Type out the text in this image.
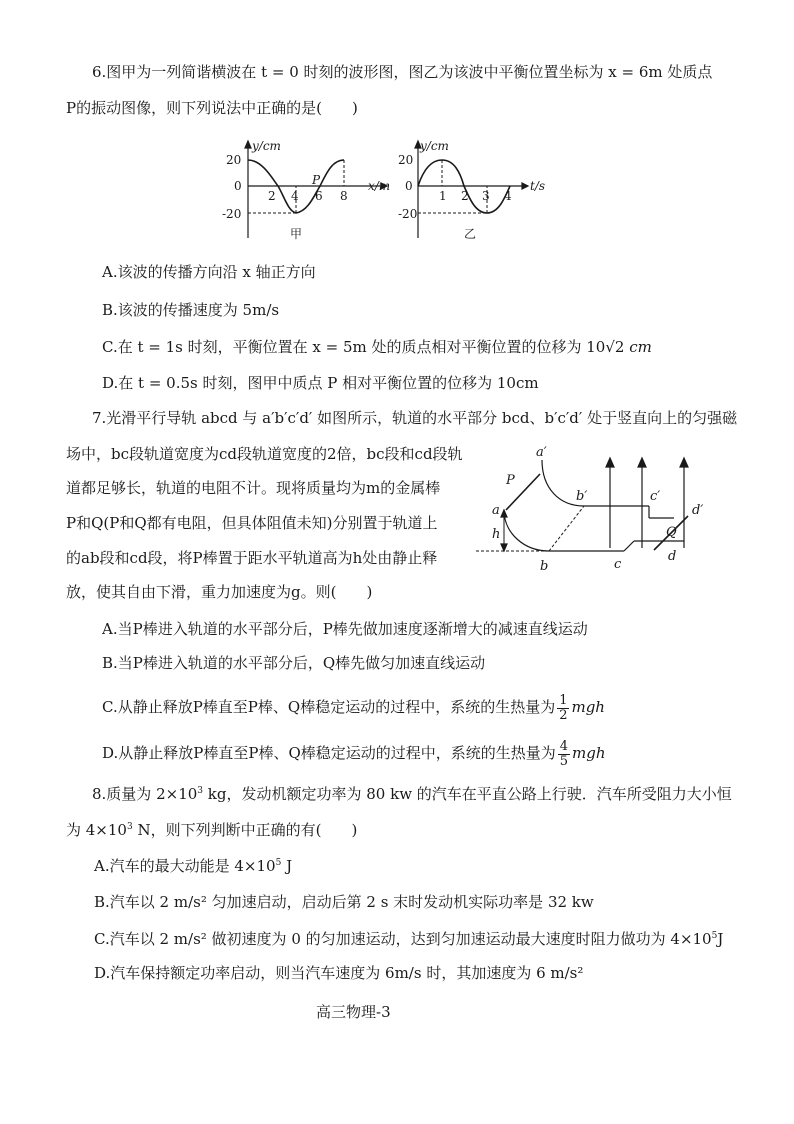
6.图甲为一列简谐横波在 t = 0 时刻的波形图，图乙为该波中平衡位置坐标为 x = 6m 处质点
P的振动图像，则下列说法中正确的是(　　)
y/cm
20
0
-20
2 4 6 8
P	x/m
甲
y/cm
20
0
-20
1 2 3 4
t/s
乙
A.该波的传播方向沿 x 轴正方向
B.该波的传播速度为 5m/s
C.在 t = 1s 时刻，平衡位置在 x = 5m 处的质点相对平衡位置的位移为 10√2 cm
D.在 t = 0.5s 时刻，图甲中质点 P 相对平衡位置的位移为 10cm
7.光滑平行导轨 abcd 与 a′b′c′d′ 如图所示，轨道的水平部分 bcd、b′c′d′ 处于竖直向上的匀强磁
场中，bc段轨道宽度为cd段轨道宽度的2倍，bc段和cd段轨
道都足够长，轨道的电阻不计。现将质量均为m的金属棒
P和Q(P和Q都有电阻，但具体阻值未知)分别置于轨道上
的ab段和cd段，将P棒置于距水平轨道高为h处由静止释
放，使其自由下滑，重力加速度为g。则(　　)
a′
P
b′	c′
d′
a
h	Q
b	c
d
A.当P棒进入轨道的水平部分后，P棒先做加速度逐渐增大的减速直线运动
B.当P棒进入轨道的水平部分后，Q棒先做匀加速直线运动
C.从静止释放P棒直至P棒、Q棒稳定运动的过程中，系统的生热量为 $\frac{1}{2}$ mgh
D.从静止释放P棒直至P棒、Q棒稳定运动的过程中，系统的生热量为 $\frac{4}{5}$ mgh
8.质量为 $2\times 10^3$ kg，发动机额定功率为 80 kw 的汽车在平直公路上行驶．汽车所受阻力大小恒
为 $4\times 10^3$ N，则下列判断中正确的有(　　)
A.汽车的最大动能是 $4\times 10^5$ J
B.汽车以 2 m/s² 匀加速启动，启动后第 2 s 末时发动机实际功率是 32 kw
C.汽车以 2 m/s² 做初速度为 0 的匀加速运动，达到匀加速运动最大速度时阻力做功为 $4\times 10^5J$
D.汽车保持额定功率启动，则当汽车速度为 6m/s 时，其加速度为 6 m/s²
高三物理-3
